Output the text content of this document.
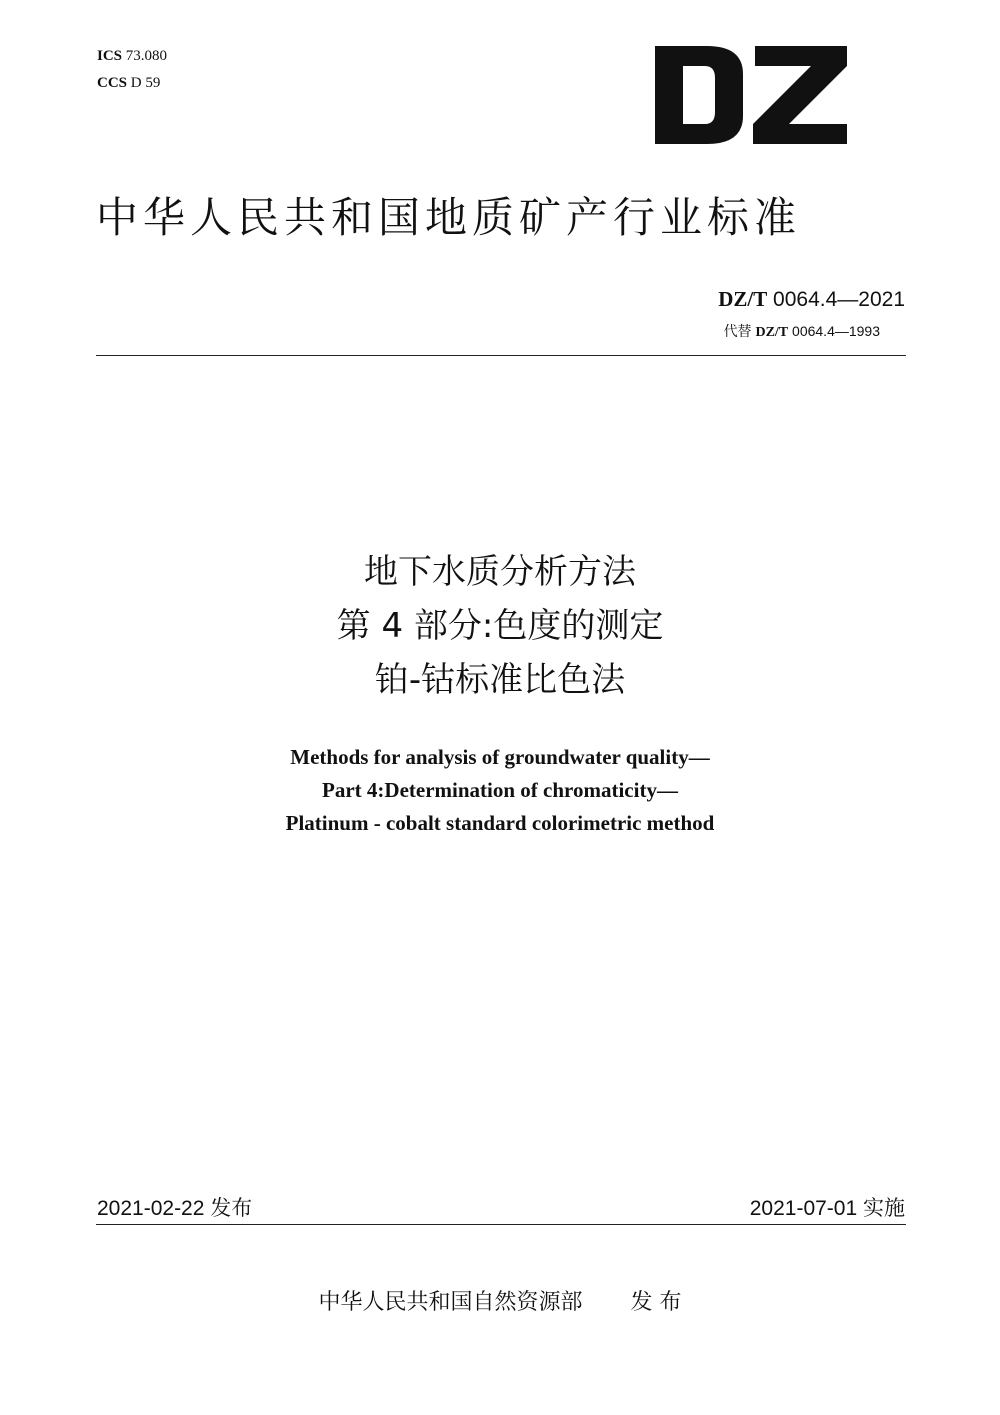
ICS 73.080
CCS D 59
中华人民共和国地质矿产行业标准
DZ/T 0064.4—2021
代替 DZ/T 0064.4—1993
地下水质分析方法
第 4 部分:色度的测定
铂-钴标准比色法
Methods for analysis of groundwater quality—
Part 4:Determination of chromaticity—
Platinum - cobalt standard colorimetric method
2021-02-22 发布	2021-07-01 实施
中华人民共和国自然资源部 发 布
